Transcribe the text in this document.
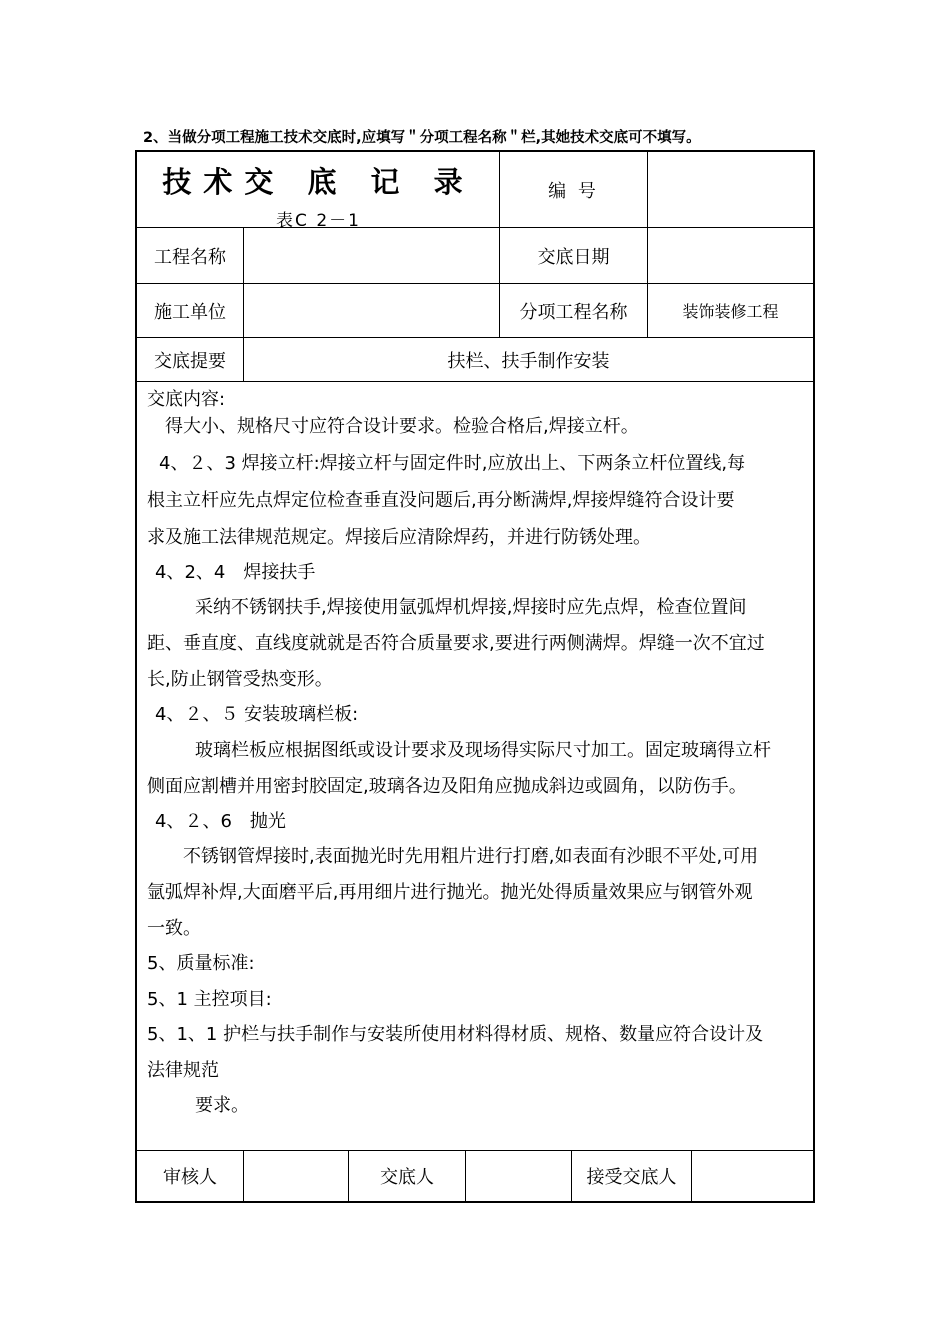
2、当做分项工程施工技术交底时,应填写＂分项工程名称＂栏,其她技术交底可不填写。
技术交 底 记 录
表C 2－1
编 号
工程名称	交底日期
施工单位	分项工程名称	装饰装修工程
交底提要	扶栏、扶手制作安装

交底内容:

得大小、规格尺寸应符合设计要求。检验合格后,焊接立杆。

4、２、3 焊接立杆:焊接立杆与固定件时,应放出上、下两条立杆位置线,每

根主立杆应先点焊定位检查垂直没问题后,再分断满焊,焊接焊缝符合设计要

求及施工法律规范规定。焊接后应清除焊药，并进行防锈处理。

4、2、4　焊接扶手

采纳不锈钢扶手,焊接使用氩弧焊机焊接,焊接时应先点焊，检查位置间

距、垂直度、直线度就就是否符合质量要求,要进行两侧满焊。焊缝一次不宜过

长,防止钢管受热变形。

4、２、５ 安装玻璃栏板:

玻璃栏板应根据图纸或设计要求及现场得实际尺寸加工。固定玻璃得立杆

侧面应割槽并用密封胶固定,玻璃各边及阳角应抛成斜边或圆角，以防伤手。

4、２、6　抛光

不锈钢管焊接时,表面抛光时先用粗片进行打磨,如表面有沙眼不平处,可用

氩弧焊补焊,大面磨平后,再用细片进行抛光。抛光处得质量效果应与钢管外观

一致。

5、质量标准:

5、1 主控项目:

5、1、1 护栏与扶手制作与安装所使用材料得材质、规格、数量应符合设计及

法律规范

要求。

审核人	交底人	接受交底人
